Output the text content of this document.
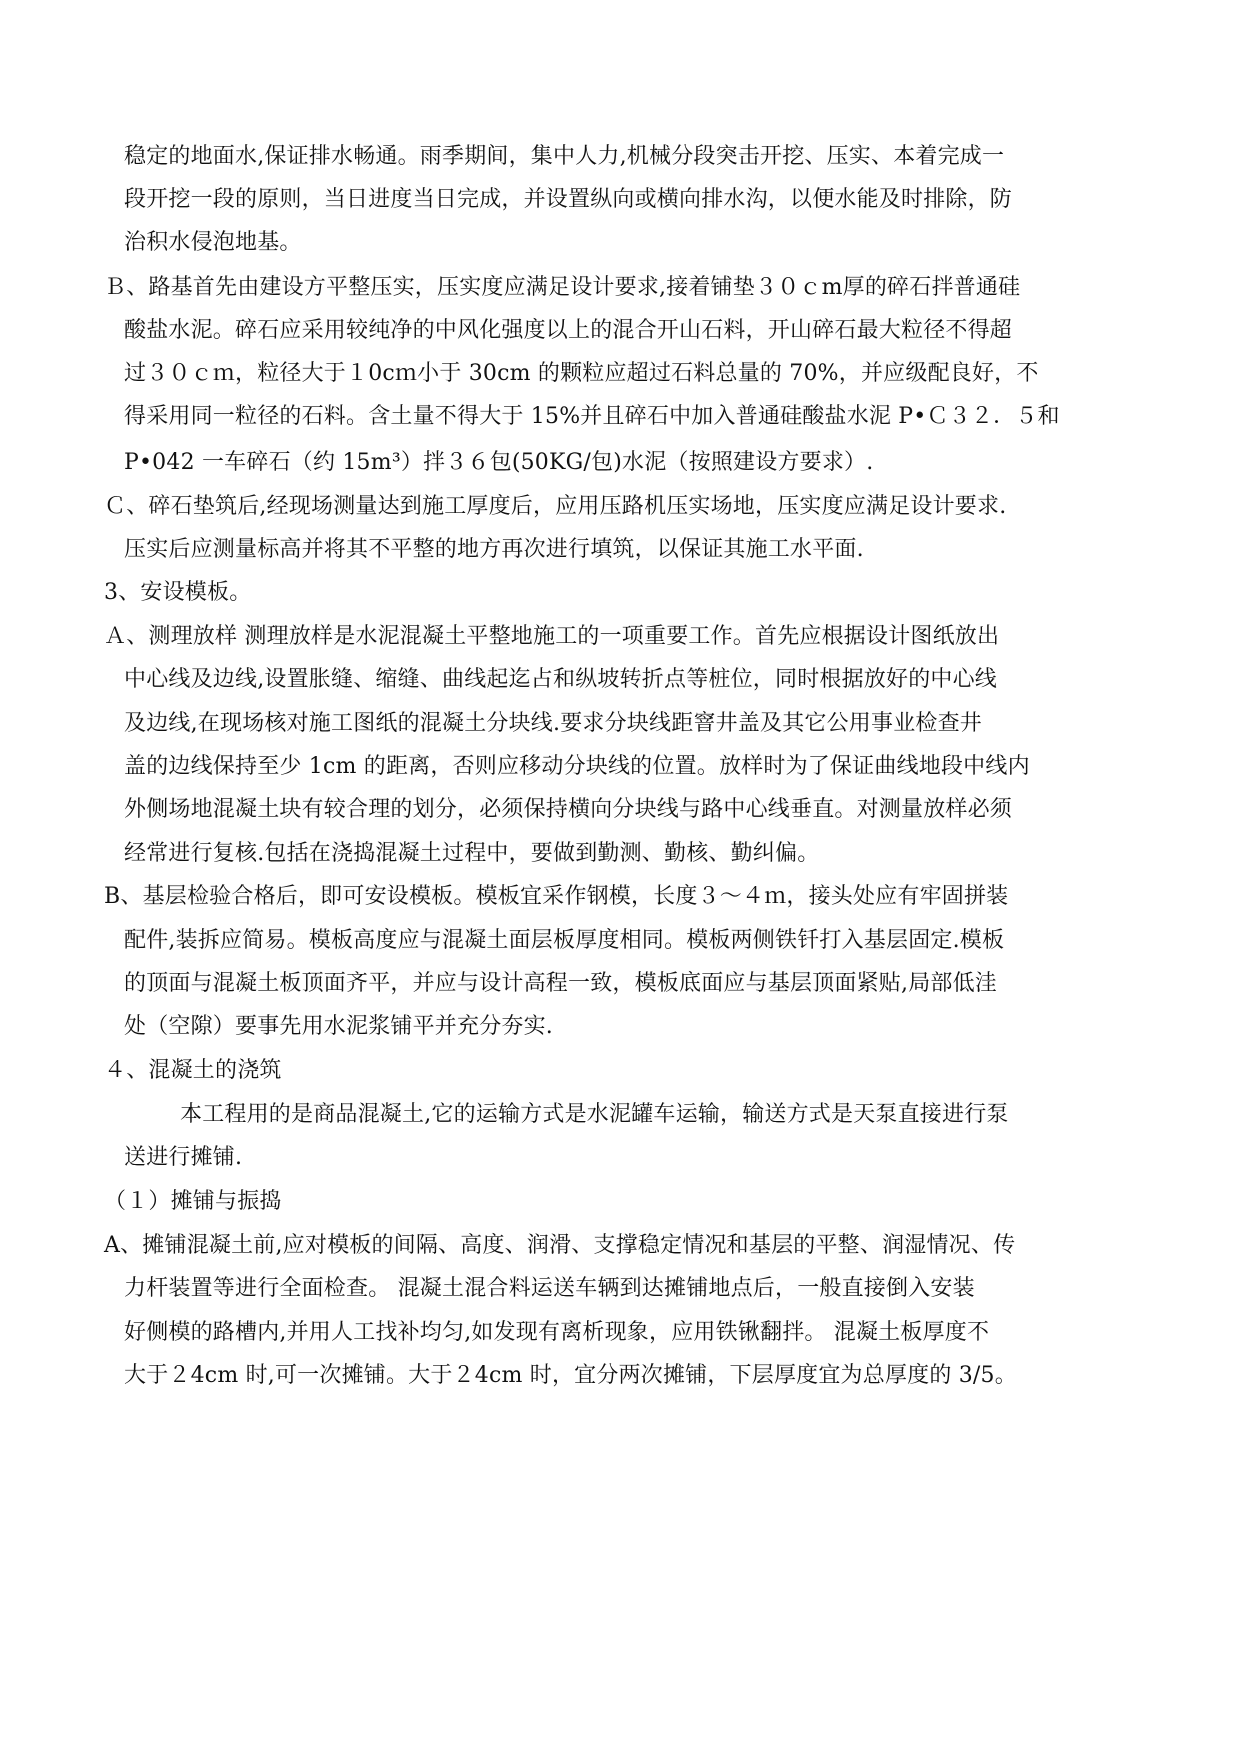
稳定的地面水,保证排水畅通。雨季期间，集中人力,机械分段突击开挖、压实、本着完成一
段开挖一段的原则，当日进度当日完成，并设置纵向或横向排水沟，以便水能及时排除，防
治积水侵泡地基。
Ｂ、路基首先由建设方平整压实，压实度应满足设计要求,接着铺垫３０ｃm厚的碎石拌普通硅
酸盐水泥。碎石应采用较纯净的中风化强度以上的混合开山石料，开山碎石最大粒径不得超
过３０ｃｍ，粒径大于１0cｍ小于 30cm 的颗粒应超过石料总量的 70%，并应级配良好，不
得采用同一粒径的石料。含土量不得大于 15%并且碎石中加入普通硅酸盐水泥 P•Ｃ３２．５和
P•042 一车碎石（约 15m³）拌３６包(50KG/包)水泥（按照建设方要求）.
Ｃ、碎石垫筑后,经现场测量达到施工厚度后，应用压路机压实场地，压实度应满足设计要求.
压实后应测量标高并将其不平整的地方再次进行填筑，以保证其施工水平面.
3、安设模板。
Ａ、测理放样 测理放样是水泥混凝土平整地施工的一项重要工作。首先应根据设计图纸放出
中心线及边线,设置胀缝、缩缝、曲线起迄占和纵坡转折点等桩位，同时根据放好的中心线
及边线,在现场核对施工图纸的混凝土分块线.要求分块线距窨井盖及其它公用事业检查井
盖的边线保持至少 1cm 的距离，否则应移动分块线的位置。放样时为了保证曲线地段中线内
外侧场地混凝土块有较合理的划分，必须保持横向分块线与路中心线垂直。对测量放样必须
经常进行复核.包括在浇捣混凝土过程中，要做到勤测、勤核、勤纠偏。
B、基层检验合格后，即可安设模板。模板宜采作钢模，长度３～４ｍ，接头处应有牢固拼装
配件,装拆应简易。模板高度应与混凝土面层板厚度相同。模板两侧铁钎打入基层固定.模板
的顶面与混凝土板顶面齐平，并应与设计高程一致，模板底面应与基层顶面紧贴,局部低洼
处（空隙）要事先用水泥浆铺平并充分夯实.
４、混凝土的浇筑
本工程用的是商品混凝土,它的运输方式是水泥罐车运输，输送方式是天泵直接进行泵
送进行摊铺.
（１）摊铺与振捣
A、摊铺混凝土前,应对模板的间隔、高度、润滑、支撑稳定情况和基层的平整、润湿情况、传
力杆装置等进行全面检查。 混凝土混合料运送车辆到达摊铺地点后，一般直接倒入安装
好侧模的路槽内,并用人工找补均匀,如发现有离析现象，应用铁锹翻拌。 混凝土板厚度不
大于２4cm 时,可一次摊铺。大于２4cm 时，宜分两次摊铺，下层厚度宜为总厚度的 3/5。
